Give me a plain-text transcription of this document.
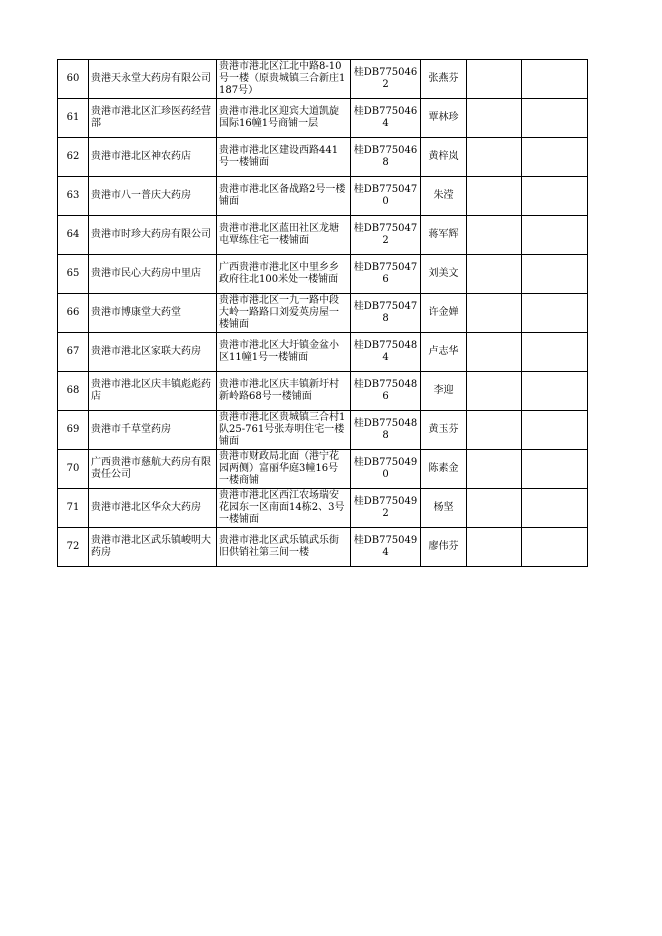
60	贵港天永堂大药房有限公司	贵港市港北区江北中路8-10号一楼（原贵城镇三合新庄1187号）	桂DB7750462	张燕芬		
61	贵港市港北区汇珍医药经营部	贵港市港北区迎宾大道凯旋国际16幢1号商铺一层	桂DB7750464	覃林珍		
62	贵港市港北区神农药店	贵港市港北区建设西路441号一楼铺面	桂DB7750468	黄梓岚		
63	贵港市八一普庆大药房	贵港市港北区备战路2号一楼铺面	桂DB7750470	朱滢		
64	贵港市时珍大药房有限公司	贵港市港北区蓝田社区龙塘屯覃练住宅一楼铺面	桂DB7750472	蒋军辉		
65	贵港市民心大药房中里店	广西贵港市港北区中里乡乡政府往北100米处一楼铺面	桂DB7750476	刘美文		
66	贵港市博康堂大药堂	贵港市港北区一九一路中段大岭一路路口刘爱英房屋一楼铺面	桂DB7750478	许金婵		
67	贵港市港北区家联大药房	贵港市港北区大圩镇金盆小区11幢1号一楼铺面	桂DB7750484	卢志华		
68	贵港市港北区庆丰镇彪彪药店	贵港市港北区庆丰镇新圩村新岭路68号一楼铺面	桂DB7750486	李迎		
69	贵港市千草堂药房	贵港市港北区贵城镇三合村1队25-761号张寿明住宅一楼铺面	桂DB7750488	黄玉芬		
70	广西贵港市慈航大药房有限责任公司	贵港市财政局北面（港宁花园两侧）富丽华庭3幢16号一楼商铺	桂DB7750490	陈素金		
71	贵港市港北区华众大药房	贵港市港北区西江农场瑞安花园东一区南面14栋2、3号一楼铺面	桂DB7750492	杨坚		
72	贵港市港北区武乐镇峻明大药房	贵港市港北区武乐镇武乐街旧供销社第三间一楼	桂DB7750494	廖伟芬		
